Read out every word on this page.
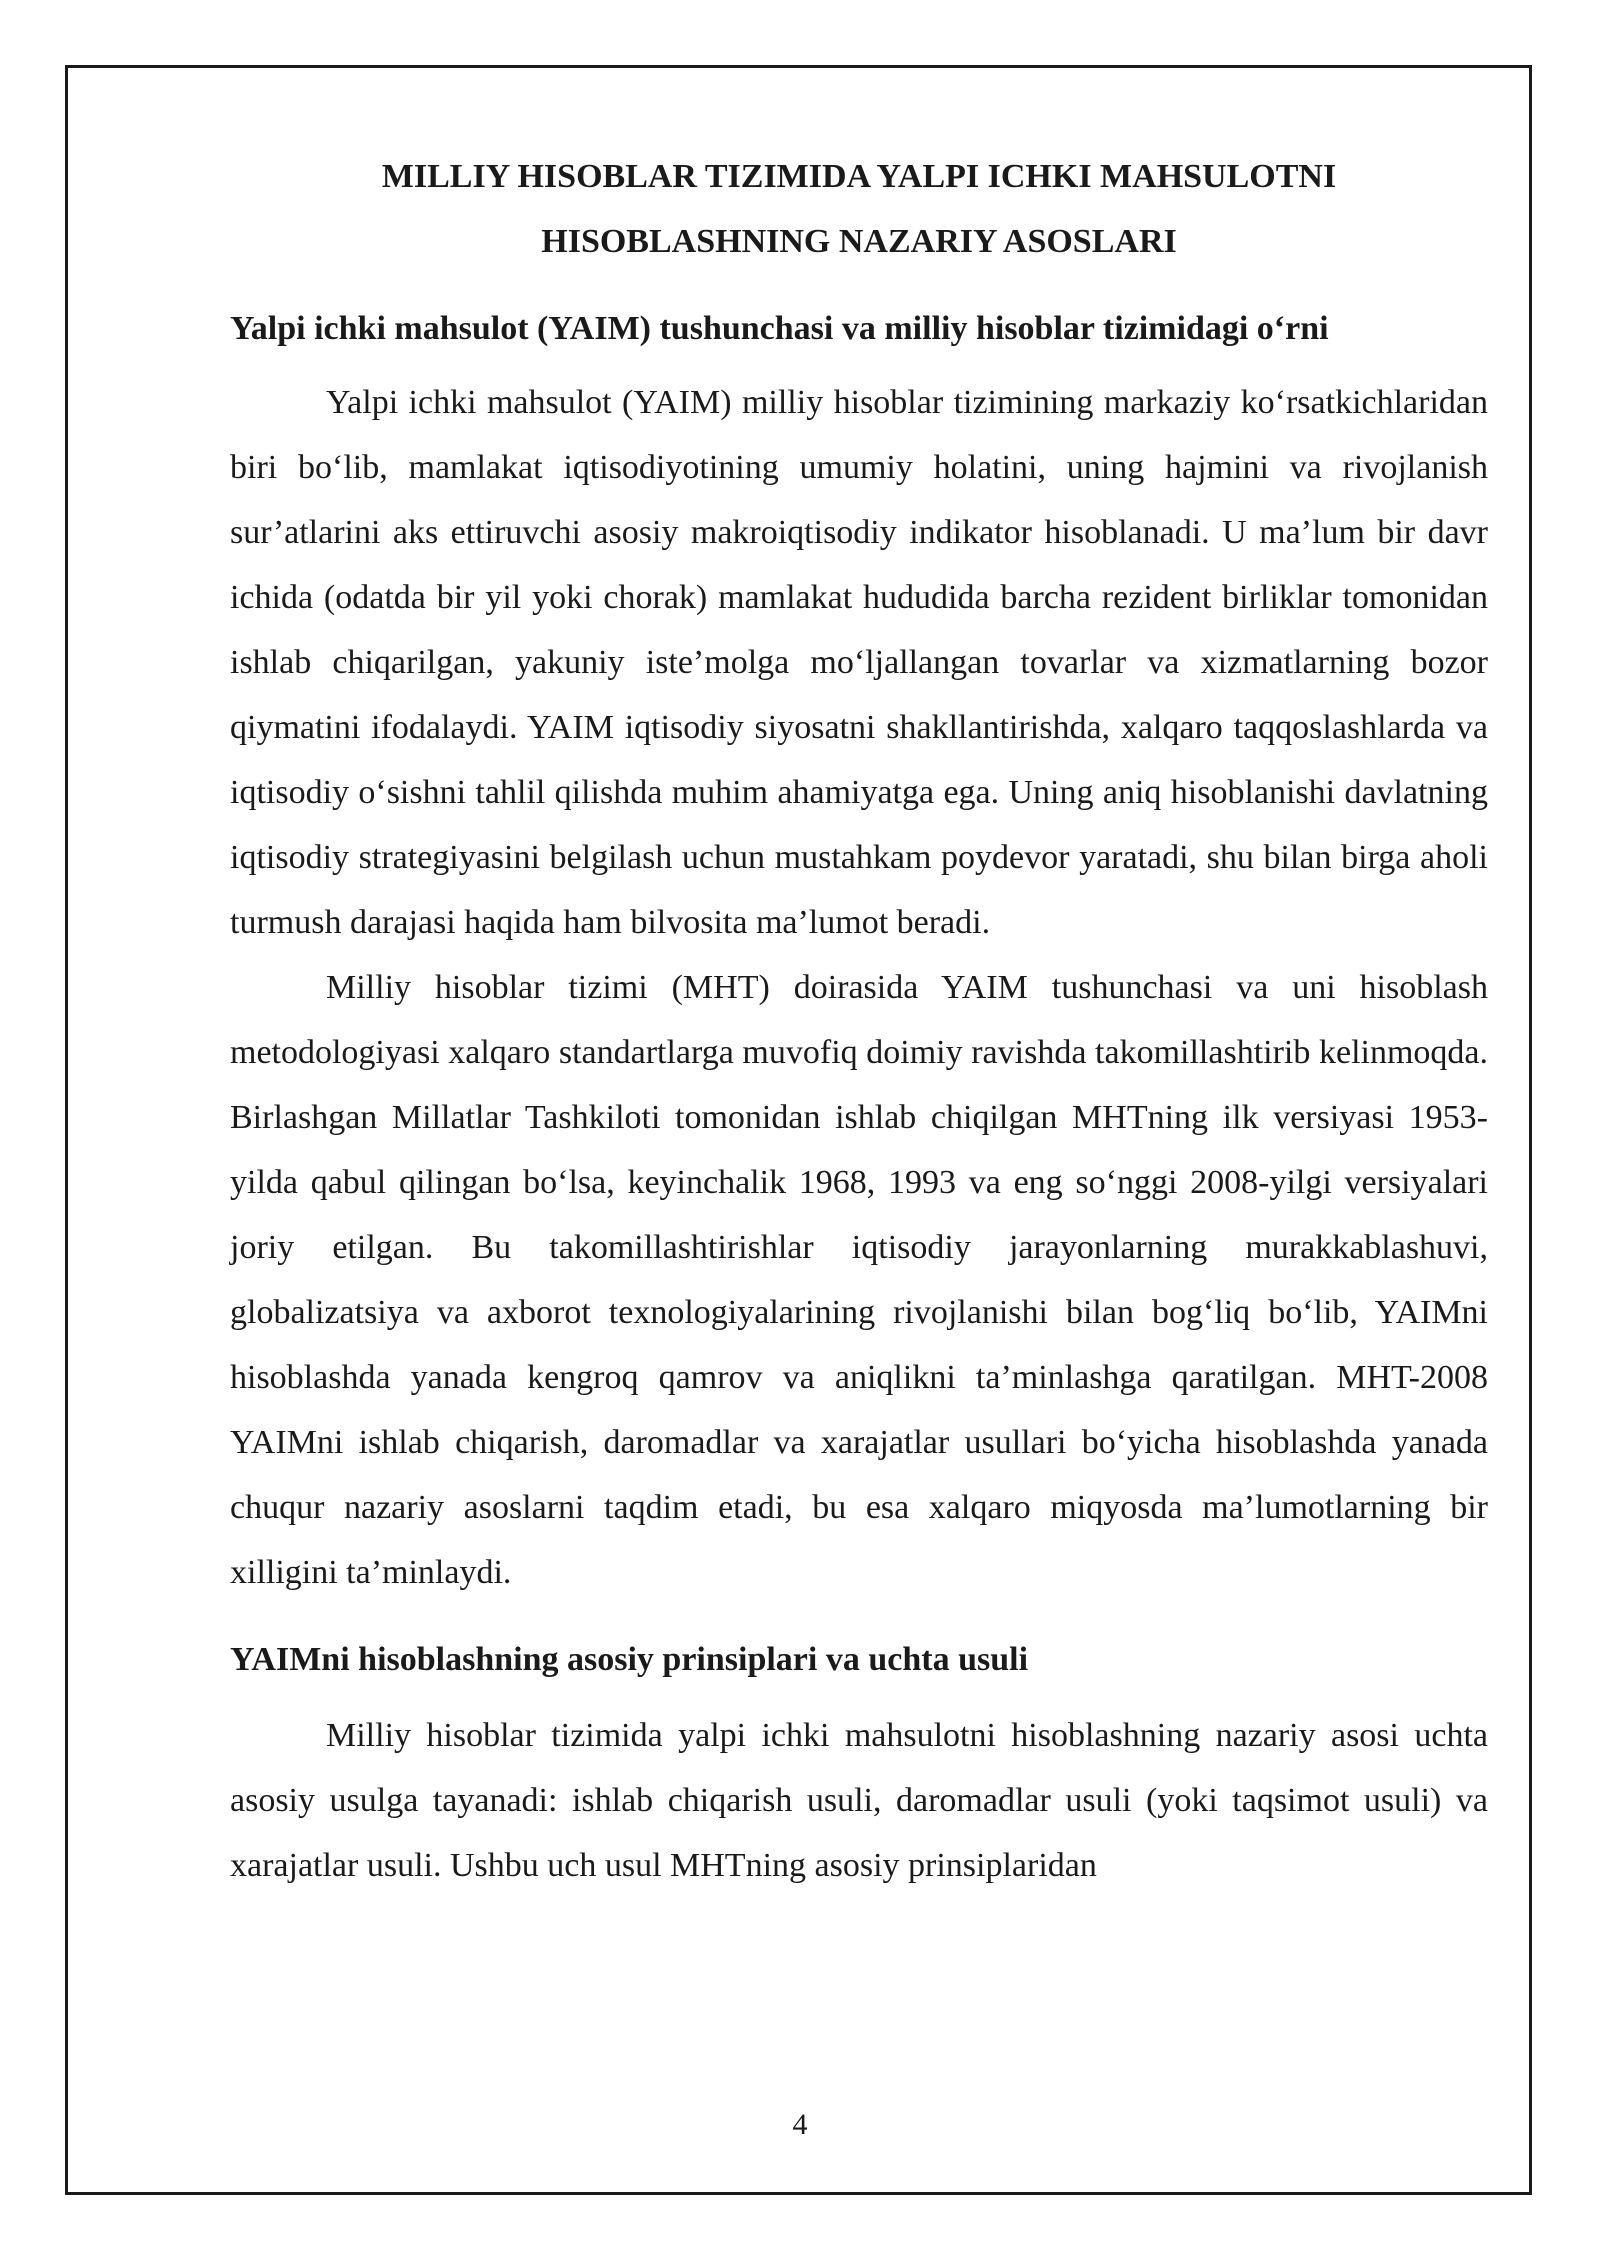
MILLIY HISOBLAR TIZIMIDA YALPI ICHKI MAHSULOTNI

HISOBLASHNING NAZARIY ASOSLARI

Yalpi ichki mahsulot (YAIM) tushunchasi va milliy hisoblar tizimidagi o‘rni

Yalpi ichki mahsulot (YAIM) milliy hisoblar tizimining markaziy ko‘rsatkichlaridan biri bo‘lib, mamlakat iqtisodiyotining umumiy holatini, uning hajmini va rivojlanish sur’atlarini aks ettiruvchi asosiy makroiqtisodiy indikator hisoblanadi. U ma’lum bir davr ichida (odatda bir yil yoki chorak) mamlakat hududida barcha rezident birliklar tomonidan ishlab chiqarilgan, yakuniy iste’molga mo‘ljallangan tovarlar va xizmatlarning bozor qiymatini ifodalaydi. YAIM iqtisodiy siyosatni shakllantirishda, xalqaro taqqoslashlarda va iqtisodiy o‘sishni tahlil qilishda muhim ahamiyatga ega. Uning aniq hisoblanishi davlatning iqtisodiy strategiyasini belgilash uchun mustahkam poydevor yaratadi, shu bilan birga aholi turmush darajasi haqida ham bilvosita ma’lumot beradi.

Milliy hisoblar tizimi (MHT) doirasida YAIM tushunchasi va uni hisoblash metodologiyasi xalqaro standartlarga muvofiq doimiy ravishda takomillashtirib kelinmoqda. Birlashgan Millatlar Tashkiloti tomonidan ishlab chiqilgan MHTning ilk versiyasi 1953-yilda qabul qilingan bo‘lsa, keyinchalik 1968, 1993 va eng so‘nggi 2008-yilgi versiyalari joriy etilgan. Bu takomillashtirishlar iqtisodiy jarayonlarning murakkablashuvi, globalizatsiya va axborot texnologiyalarining rivojlanishi bilan bog‘liq bo‘lib, YAIMni hisoblashda yanada kengroq qamrov va aniqlikni ta’minlashga qaratilgan. MHT-2008 YAIMni ishlab chiqarish, daromadlar va xarajatlar usullari bo‘yicha hisoblashda yanada chuqur nazariy asoslarni taqdim etadi, bu esa xalqaro miqyosda ma’lumotlarning bir xilligini ta’minlaydi.

YAIMni hisoblashning asosiy prinsiplari va uchta usuli

Milliy hisoblar tizimida yalpi ichki mahsulotni hisoblashning nazariy asosi uchta asosiy usulga tayanadi: ishlab chiqarish usuli, daromadlar usuli (yoki taqsimot usuli) va xarajatlar usuli. Ushbu uch usul MHTning asosiy prinsiplaridan

4
